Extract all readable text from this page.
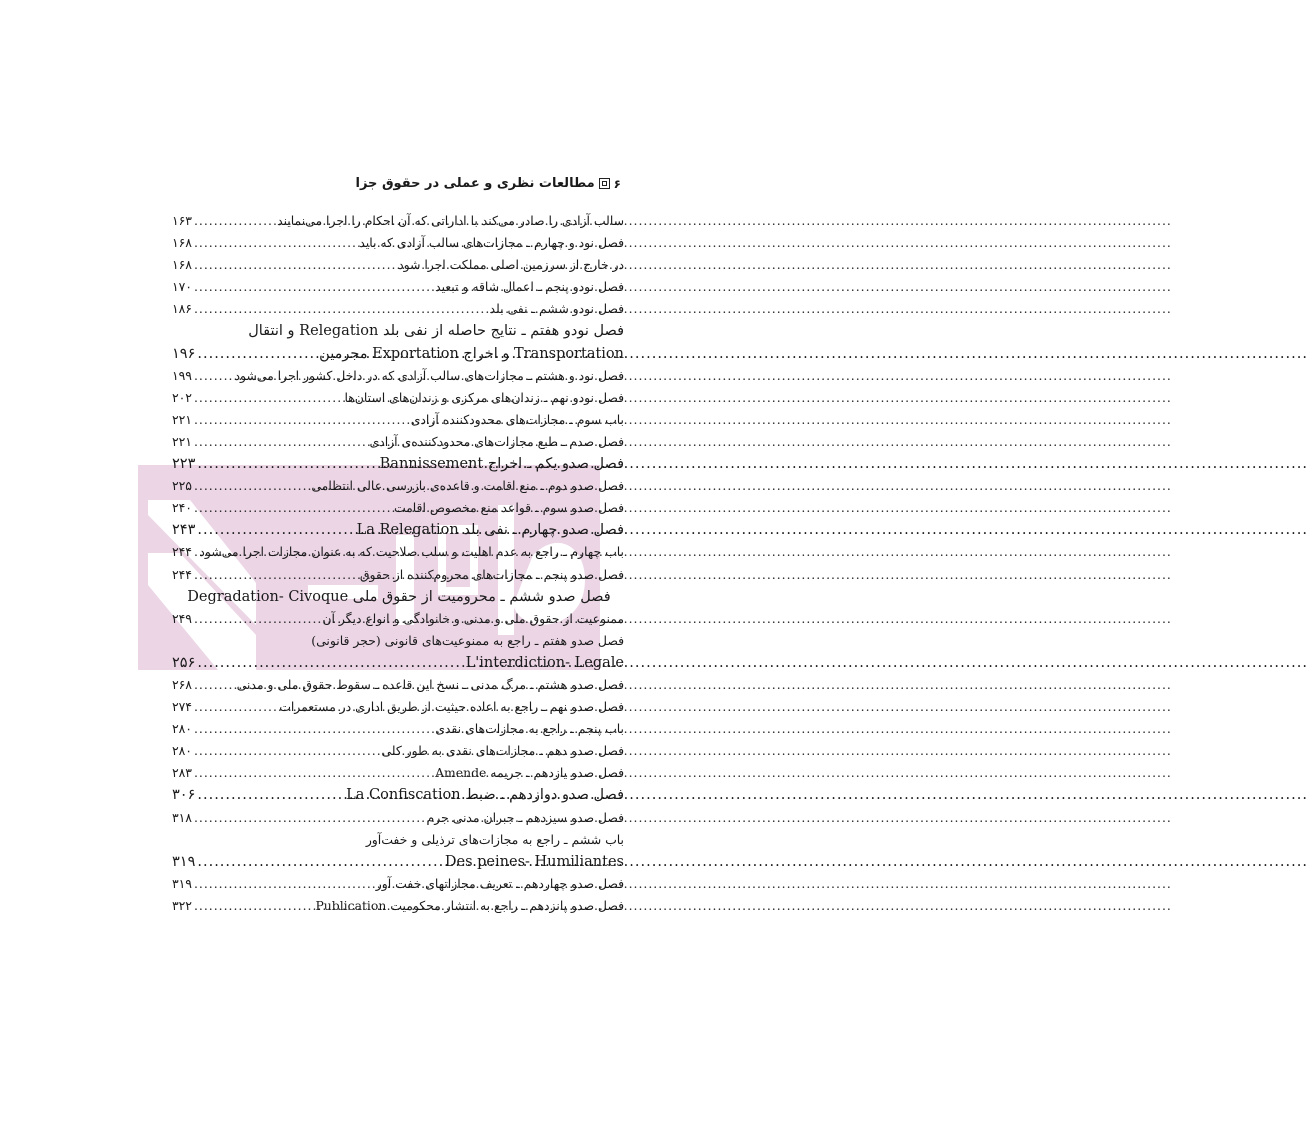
۶
مطالعات نظری و عملی در حقوق جزا
سالب آزادی را صادر می‌کند با اداراتی که آن احکام را اجرا می‌نمایند
.....
۱۶۳
فصل نود و چهارم ـ مجازات‌های سالب آزادی که باید
.....
۱۶۸
در خارج از سرزمین اصلی مملکت اجرا شود
.....
۱۶۸
فصل نودو پنجم ـ اعمال شاقه و تبعید
.....
۱۷۰
فصل نودو ششم ـ نفی بلد
.....
۱۸۶
فصل نودو هفتم ـ نتایج حاصله از نفی بلد Relegation و انتقال
Transportation و اخراج Exportation مجرمین
.....
۱۹۶
فصل نود و هشتم ـ مجازات‌های سالب آزادی که در داخل کشور اجرا می‌شود
.....
۱۹۹
فصل نودو نهم ـ زندان‌های مرکزی و زندان‌های استان‌ها
.....
۲۰۲
باب سوم ـ مجازات‌های محدودکننده آزادی
.....
۲۲۱
فصل صدم ـ طبع مجازات‌های محدودکننده‌ی آزادی
.....
۲۲۱
فصل صدو یکم ـ اخراج Bannissement
.....
۲۲۳
فصل صدو دوم ـ منع اقامت و قاعده‌ی بازرسی عالی انتظامی
.....
۲۲۵
فصل صدو سوم ـ قواعد منع مخصوص اقامت
.....
۲۴۰
فصل صدو چهارم ـ نفی بلد La Relegation
.....
۲۴۳
باب چهارم ـ راجع به عدم اهلیت و سلب صلاحیت که به عنوان مجازات اجرا می‌شود
.....
۲۴۴
فصل صدو پنجم ـ مجازات‌های محروم‌کننده از حقوق
.....
۲۴۴
فصل صدو ششم ـ محرومیت از حقوق ملی Degradation- Civoque
ممنوعیت از حقوق ملی و مدنی و خانوادگی و انواع دیگر آن
.....
۲۴۹
فصل صدو هفتم ـ راجع به ممنوعیت‌های قانونی (حجر قانونی)
L'interdiction- Legale
.....
۲۵۶
فصل صدو هشتم ـ مرگ مدنی ـ نسخ این قاعده ـ سقوط حقوق ملی و مدنی
.....
۲۶۸
فصل صدو نهم ـ راجع به اعاده حیثیت از طریق اداری در مستعمرات
.....
۲۷۴
باب پنجم ـ راجع به مجازات‌های نقدی
.....
۲۸۰
فصل صدو دهم ـ مجازات‌های نقدی به طور کلی
.....
۲۸۰
فصل صدو یازدهم ـ جریمه Amende
.....
۲۸۳
فصل صدو دوازدهم ـ ضبط La Confiscation
.....
۳۰۶
فصل صدو سیزدهم ـ جبران مدنی جرم
.....
۳۱۸
باب ششم ـ راجع به مجازات‌های ترذیلی و خفت‌آور
Des peines- Humiliantes
.....
۳۱۹
فصل صدو چهاردهم ـ تعریف مجازاتهای خفت آور
.....
۳۱۹
فصل صدو پانزدهم ـ راجع به انتشار محکومیت Publication
.....
۳۲۲
